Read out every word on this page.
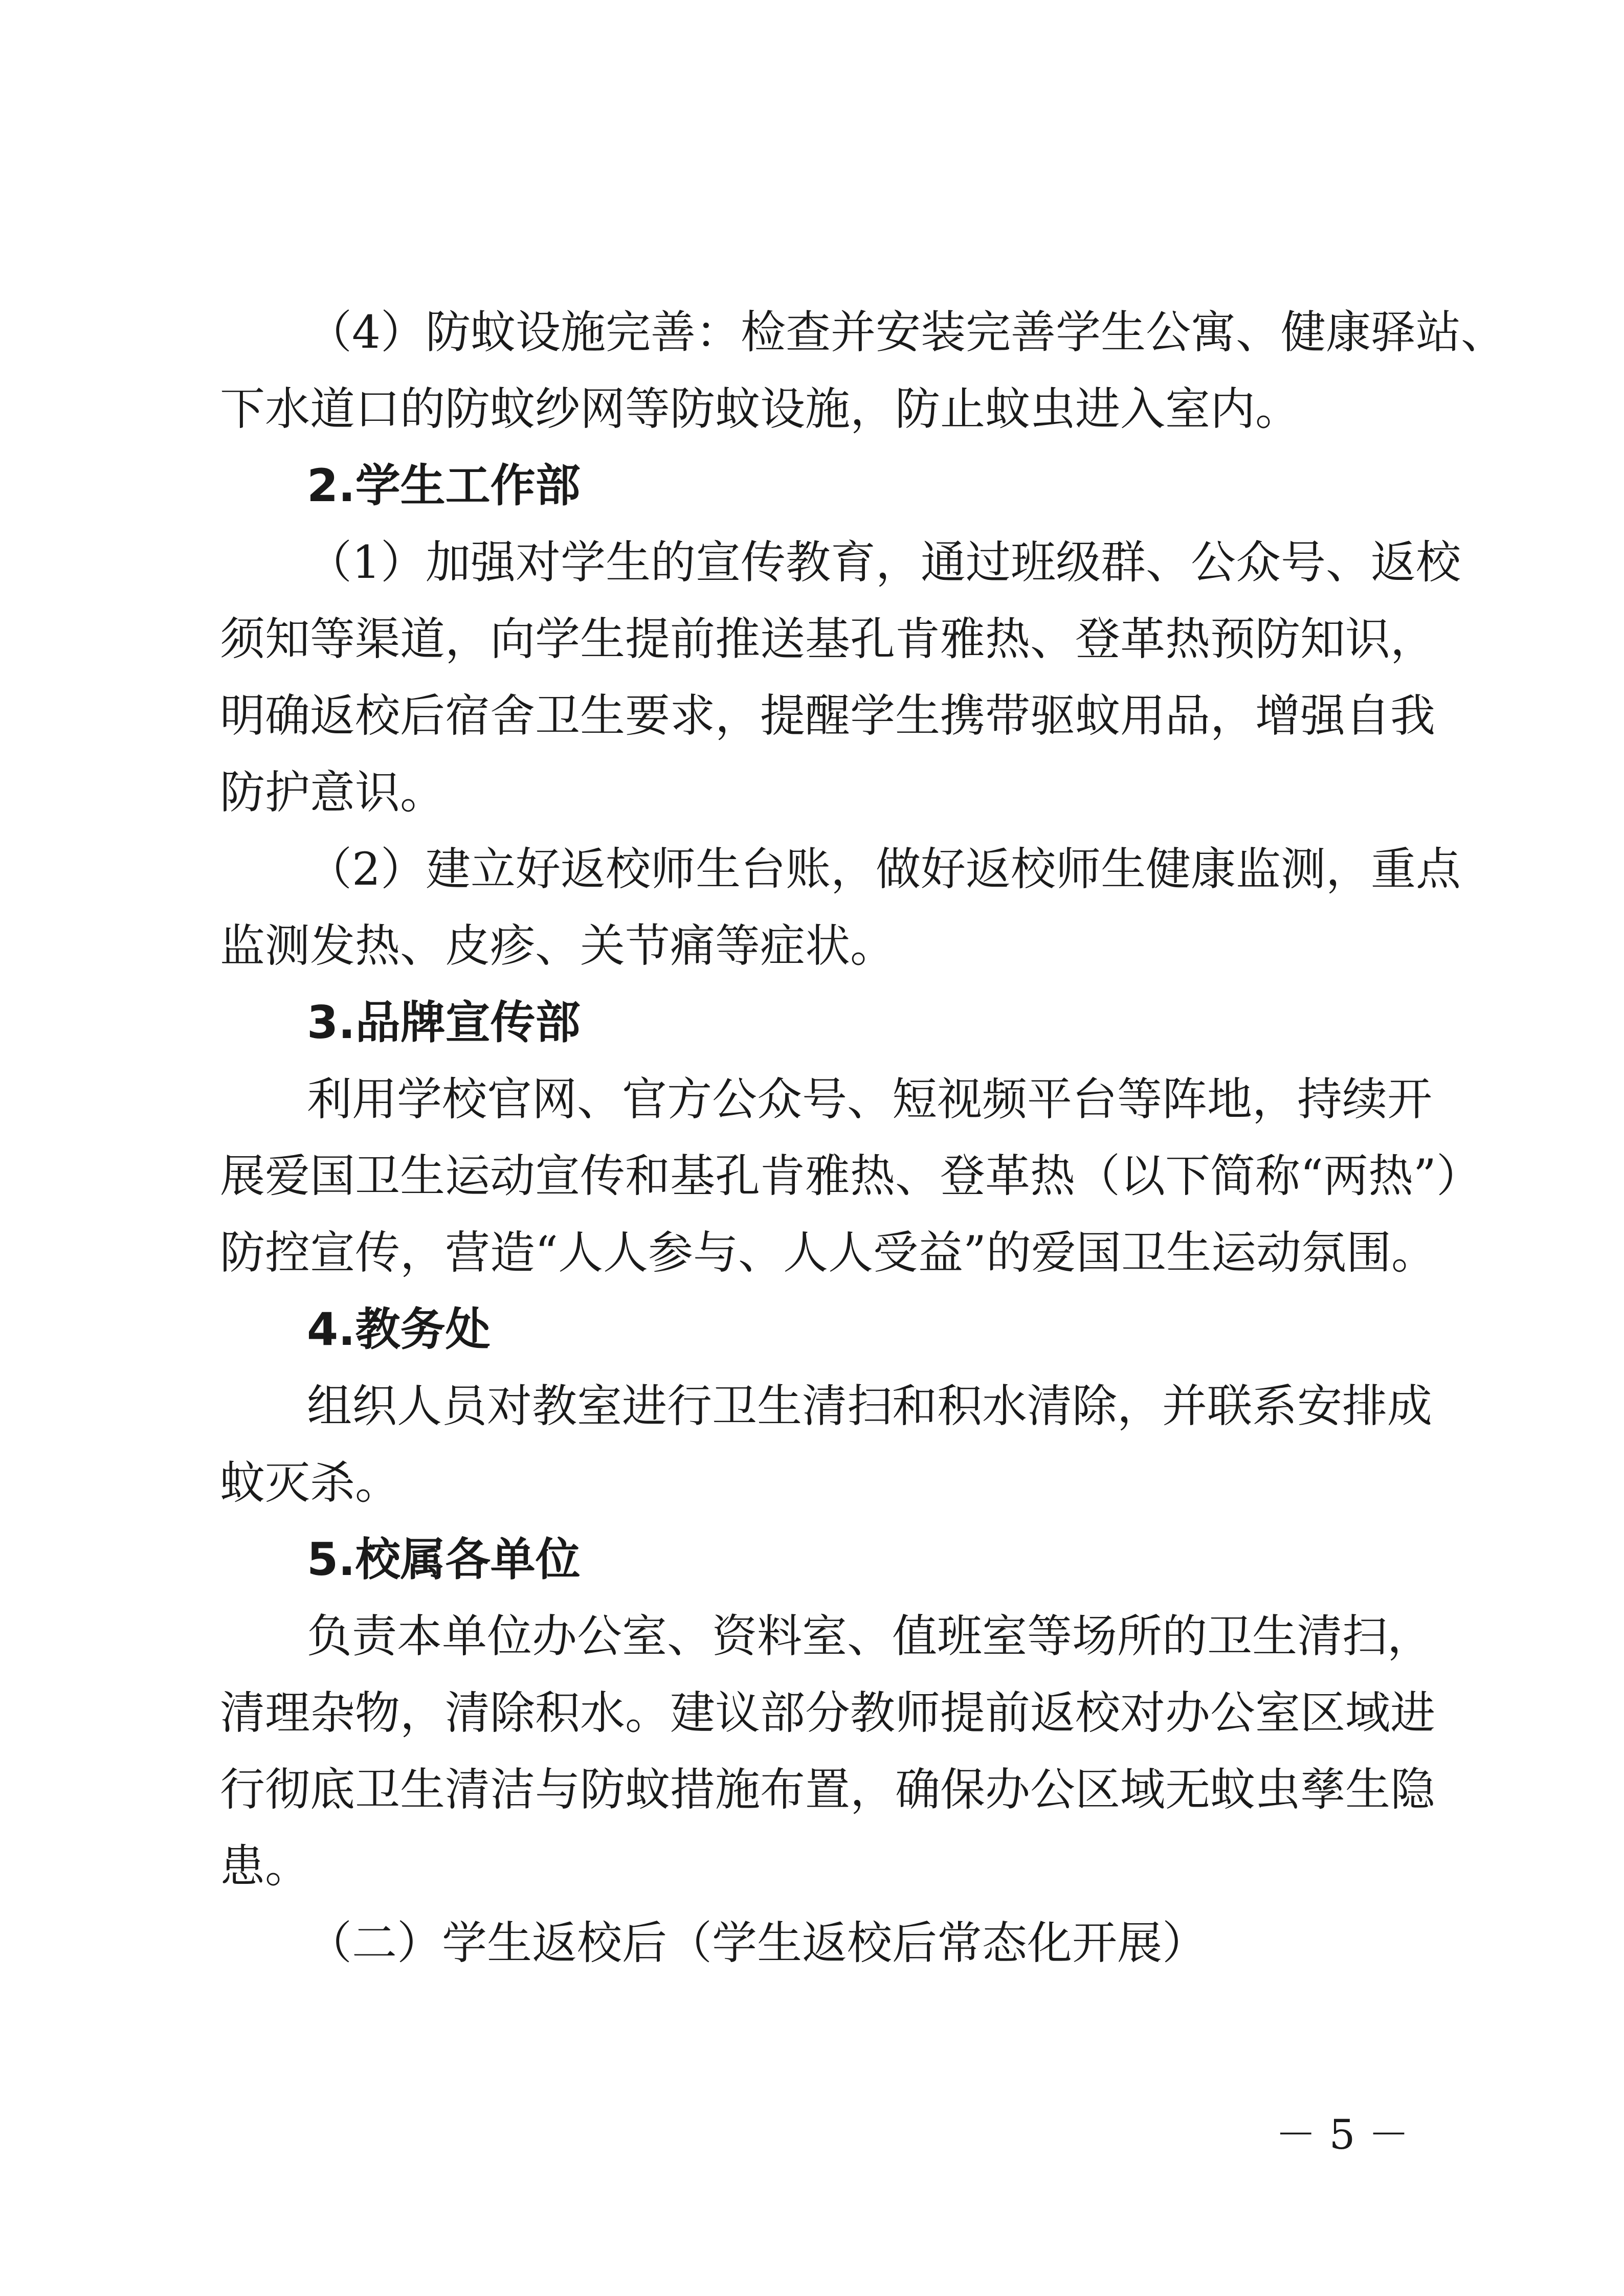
（4）防蚊设施完善：检查并安装完善学生公寓、健康驿站、
下水道口的防蚊纱网等防蚊设施，防止蚊虫进入室内。
2.学生工作部
（1）加强对学生的宣传教育，通过班级群、公众号、返校
须知等渠道，向学生提前推送基孔肯雅热、登革热预防知识，
明确返校后宿舍卫生要求，提醒学生携带驱蚊用品，增强自我
防护意识。
（2）建立好返校师生台账，做好返校师生健康监测，重点
监测发热、皮疹、关节痛等症状。
3.品牌宣传部
利用学校官网、官方公众号、短视频平台等阵地，持续开
展爱国卫生运动宣传和基孔肯雅热、登革热（以下简称“两热”）
防控宣传，营造“人人参与、人人受益”的爱国卫生运动氛围。
4.教务处
组织人员对教室进行卫生清扫和积水清除，并联系安排成
蚊灭杀。
5.校属各单位
负责本单位办公室、资料室、值班室等场所的卫生清扫，
清理杂物，清除积水。建议部分教师提前返校对办公室区域进
行彻底卫生清洁与防蚊措施布置，确保办公区域无蚊虫孳生隐
患。
（二）学生返校后（学生返校后常态化开展）
－ 5 －
